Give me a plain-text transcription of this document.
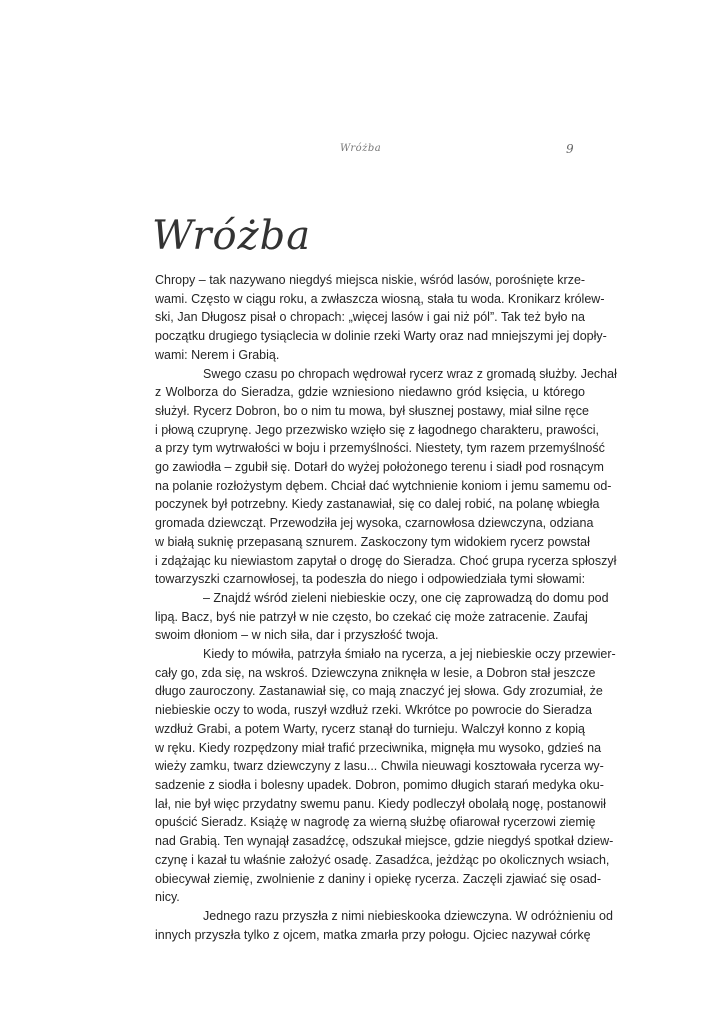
Wróżba	9
Wróżba
Chropy – tak nazywano niegdyś miejsca niskie, wśród lasów, porośnięte krze-
wami. Często w ciągu roku, a zwłaszcza wiosną, stała tu woda. Kronikarz królew-
ski, Jan Długosz pisał o chropach: „więcej lasów i gai niż pól”. Tak też było na
początku drugiego tysiąclecia w dolinie rzeki Warty oraz nad mniejszymi jej dopły-
wami: Nerem i Grabią.
Swego czasu po chropach wędrował rycerz wraz z gromadą służby. Jechał
z Wolborza do Sieradza, gdzie wzniesiono niedawno gród księcia, u którego
służył. Rycerz Dobron, bo o nim tu mowa, był słusznej postawy, miał silne ręce
i płową czuprynę. Jego przezwisko wzięło się z łagodnego charakteru, prawości,
a przy tym wytrwałości w boju i przemyślności. Niestety, tym razem przemyślność
go zawiodła – zgubił się. Dotarł do wyżej położonego terenu i siadł pod rosnącym
na polanie rozłożystym dębem. Chciał dać wytchnienie koniom i jemu samemu od-
poczynek był potrzebny. Kiedy zastanawiał, się co dalej robić, na polanę wbiegła
gromada dziewcząt. Przewodziła jej wysoka, czarnowłosa dziewczyna, odziana
w białą suknię przepasaną sznurem. Zaskoczony tym widokiem rycerz powstał
i zdążając ku niewiastom zapytał o drogę do Sieradza. Choć grupa rycerza spłoszył
towarzyszki czarnowłosej, ta podeszła do niego i odpowiedziała tymi słowami:
– Znajdź wśród zieleni niebieskie oczy, one cię zaprowadzą do domu pod
lipą. Bacz, byś nie patrzył w nie często, bo czekać cię może zatracenie. Zaufaj
swoim dłoniom – w nich siła, dar i przyszłość twoja.
Kiedy to mówiła, patrzyła śmiało na rycerza, a jej niebieskie oczy przewier-
cały go, zda się, na wskroś. Dziewczyna zniknęła w lesie, a Dobron stał jeszcze
długo zauroczony. Zastanawiał się, co mają znaczyć jej słowa. Gdy zrozumiał, że
niebieskie oczy to woda, ruszył wzdłuż rzeki. Wkrótce po powrocie do Sieradza
wzdłuż Grabi, a potem Warty, rycerz stanął do turnieju. Walczył konno z kopią
w ręku. Kiedy rozpędzony miał trafić przeciwnika, mignęła mu wysoko, gdzieś na
wieży zamku, twarz dziewczyny z lasu... Chwila nieuwagi kosztowała rycerza wy-
sadzenie z siodła i bolesny upadek. Dobron, pomimo długich starań medyka oku-
lał, nie był więc przydatny swemu panu. Kiedy podleczył obolałą nogę, postanowił
opuścić Sieradz. Książę w nagrodę za wierną służbę ofiarował rycerzowi ziemię
nad Grabią. Ten wynajął zasadźcę, odszukał miejsce, gdzie niegdyś spotkał dziew-
czynę i kazał tu właśnie założyć osadę. Zasadźca, jeżdżąc po okolicznych wsiach,
obiecywał ziemię, zwolnienie z daniny i opiekę rycerza. Zaczęli zjawiać się osad-
nicy.
Jednego razu przyszła z nimi niebieskooka dziewczyna. W odróżnieniu od
innych przyszła tylko z ojcem, matka zmarła przy połogu. Ojciec nazywał córkę
